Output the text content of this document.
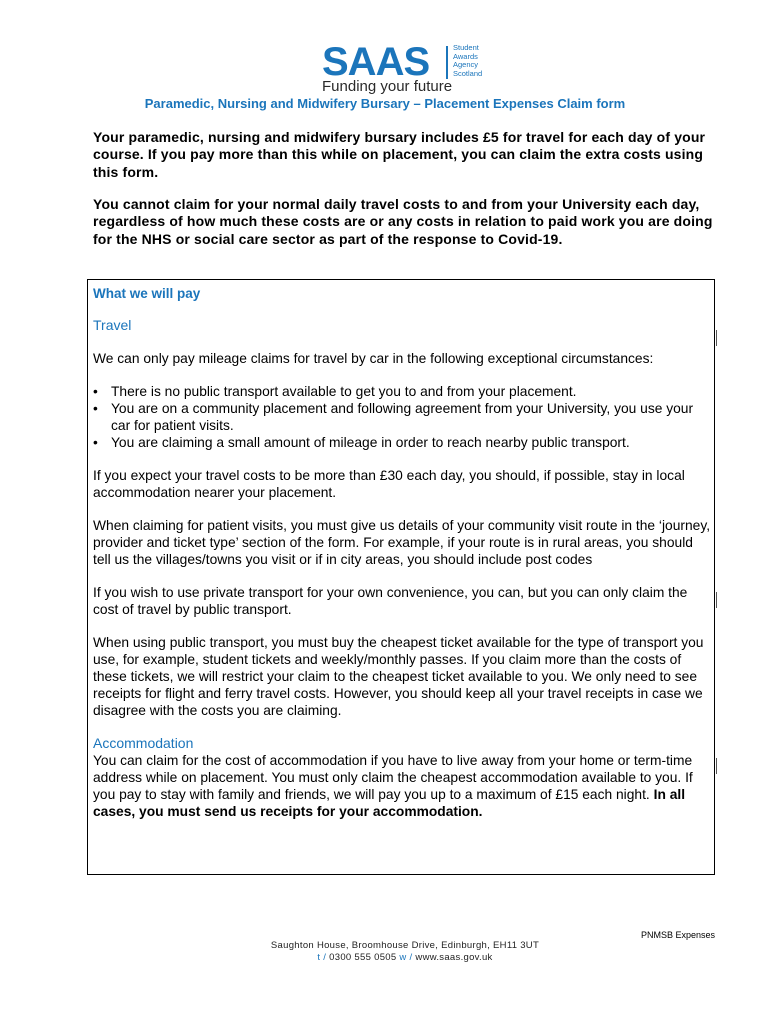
SAAS	Student
Awards
Agency
Scotland
Funding your future
Paramedic, Nursing and Midwifery Bursary – Placement Expenses Claim form
Your paramedic, nursing and midwifery bursary includes £5 for travel for each day of your course. If you pay more than this while on placement, you can claim the extra costs using this form.
You cannot claim for your normal daily travel costs to and from your University each day, regardless of how much these costs are or any costs in relation to paid work you are doing for the NHS or social care sector as part of the response to Covid-19.
What we will pay
Travel

We can only pay mileage claims for travel by car in the following exceptional circumstances:

• There is no public transport available to get you to and from your placement.
• You are on a community placement and following agreement from your University, you use your car for patient visits.
• You are claiming a small amount of mileage in order to reach nearby public transport.

If you expect your travel costs to be more than £30 each day, you should, if possible, stay in local accommodation nearer your placement.

When claiming for patient visits, you must give us details of your community visit route in the ‘journey, provider and ticket type’ section of the form. For example, if your route is in rural areas, you should tell us the villages/towns you visit or if in city areas, you should include post codes

If you wish to use private transport for your own convenience, you can, but you can only claim the cost of travel by public transport.

When using public transport, you must buy the cheapest ticket available for the type of transport you use, for example, student tickets and weekly/monthly passes. If you claim more than the costs of these tickets, we will restrict your claim to the cheapest ticket available to you. We only need to see receipts for flight and ferry travel costs. However, you should keep all your travel receipts in case we disagree with the costs you are claiming.

Accommodation

You can claim for the cost of accommodation if you have to live away from your home or term-time address while on placement. You must only claim the cheapest accommodation available to you. If you pay to stay with family and friends, we will pay you up to a maximum of £15 each night. In all cases, you must send us receipts for your accommodation.

PNMSB Expenses
Saughton House, Broomhouse Drive, Edinburgh, EH11 3UT
t / 0300 555 0505 w / www.saas.gov.uk
